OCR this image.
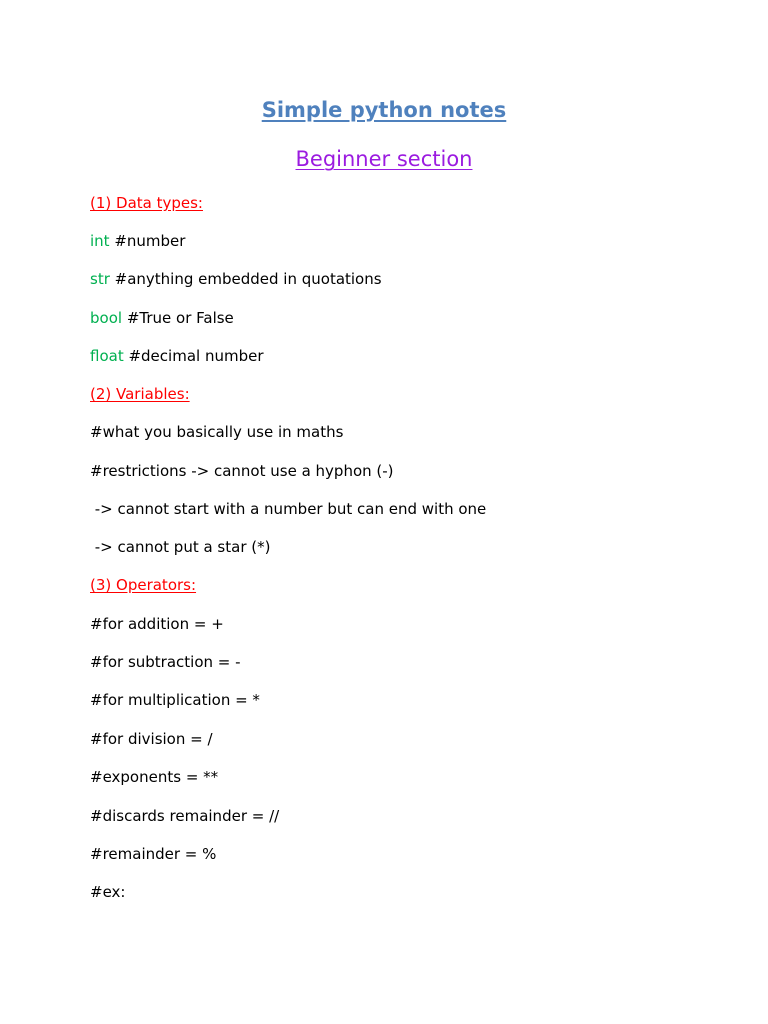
Simple python notes
Beginner section

(1) Data types:

int #number

str #anything embedded in quotations

bool #True or False

float #decimal number

(2) Variables:

#what you basically use in maths

#restrictions -> cannot use a hyphon (-)

-> cannot start with a number but can end with one

-> cannot put a star (*)

(3) Operators:

#for addition = +

#for subtraction = -

#for multiplication = *

#for division = /

#exponents = **

#discards remainder = //

#remainder = %

#ex:
